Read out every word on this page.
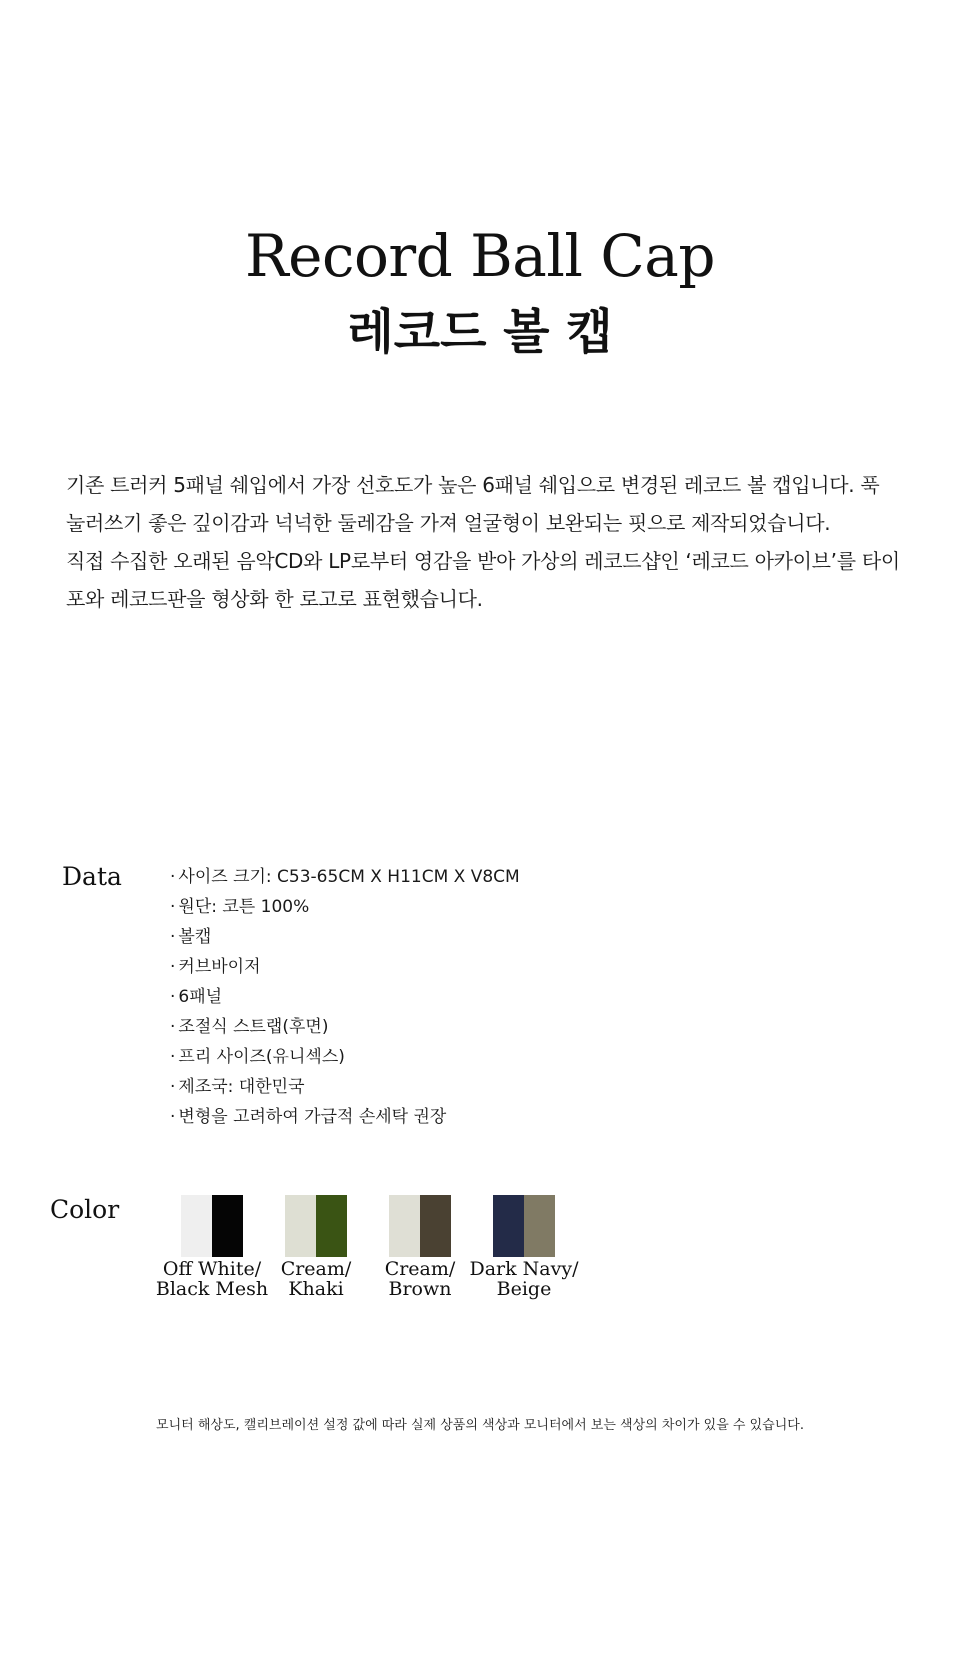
Record Ball Cap
레코드 볼 캡

기존 트러커 5패널 쉐입에서 가장 선호도가 높은 6패널 쉐입으로 변경된 레코드 볼 캡입니다. 푹 눌러쓰기 좋은 깊이감과 넉넉한 둘레감을 가져 얼굴형이 보완되는 핏으로 제작되었습니다.

직접 수집한 오래된 음악CD와 LP로부터 영감을 받아 가상의 레코드샵인 ‘레코드 아카이브’를 타이포와 레코드판을 형상화 한 로고로 표현했습니다.

Data	· 사이즈 크기: C53-65CM X H11CM X V8CM
· 원단: 코튼 100%
· 볼캡
· 커브바이저
· 6패널
· 조절식 스트랩(후면)
· 프리 사이즈(유니섹스)
· 제조국: 대한민국
· 변형을 고려하여 가급적 손세탁 권장
Color
Off White/
Black Mesh
Cream/
Khaki
Cream/
Brown
Dark Navy/
Beige
모니터 해상도, 캘리브레이션 설정 값에 따라 실제 상품의 색상과 모니터에서 보는 색상의 차이가 있을 수 있습니다.
